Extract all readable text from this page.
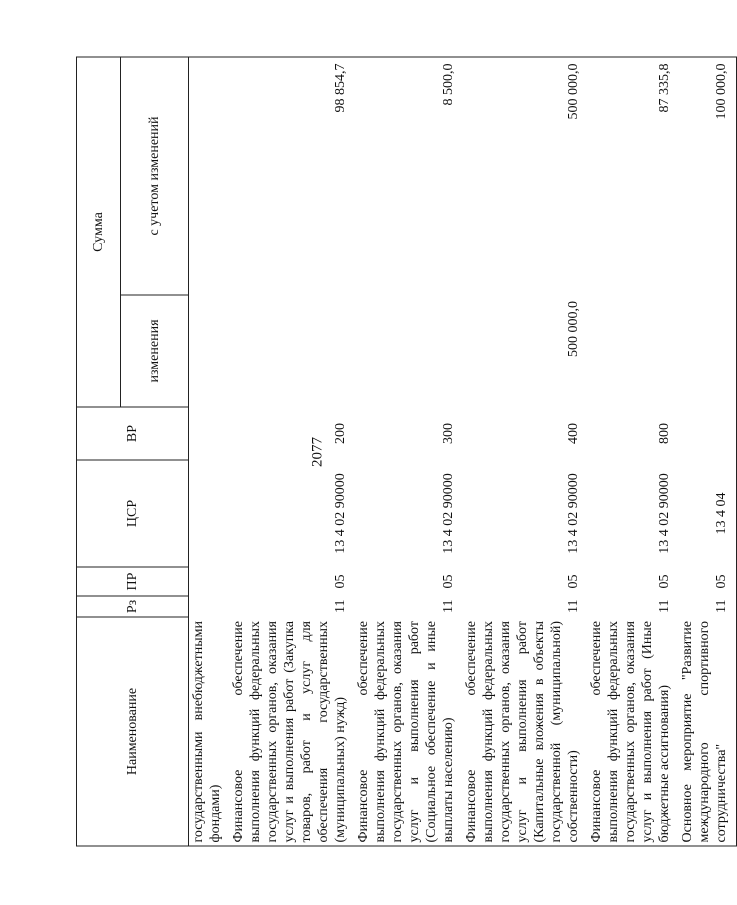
2077
Наименование	Рз	ПР	ЦСР	ВР	Сумма	
					изменения	с учетом изменений
государственными внебюджетными фондами)						
Финансовое обеспечение выполнения функций федеральных государственных органов, оказания услуг и выполнения работ (Закупка товаров, работ и услуг для обеспечения государственных (муниципальных) нужд)	11	05	13 4 02 90000	200		98 854,7
Финансовое обеспечение выполнения функций федеральных государственных органов, оказания услуг и выполнения работ (Социальное обеспечение и иные выплаты населению)	11	05	13 4 02 90000	300		8 500,0
Финансовое обеспечение выполнения функций федеральных государственных органов, оказания услуг и выполнения работ (Капитальные вложения в объекты государственной (муниципальной) собственности)	11	05	13 4 02 90000	400	500 000,0	500 000,0
Финансовое обеспечение выполнения функций федеральных государственных органов, оказания услуг и выполнения работ (Иные бюджетные ассигнования)	11	05	13 4 02 90000	800		87 335,8
Основное мероприятие "Развитие международного спортивного сотрудничества"	11	05	13 4 04			100 000,0
